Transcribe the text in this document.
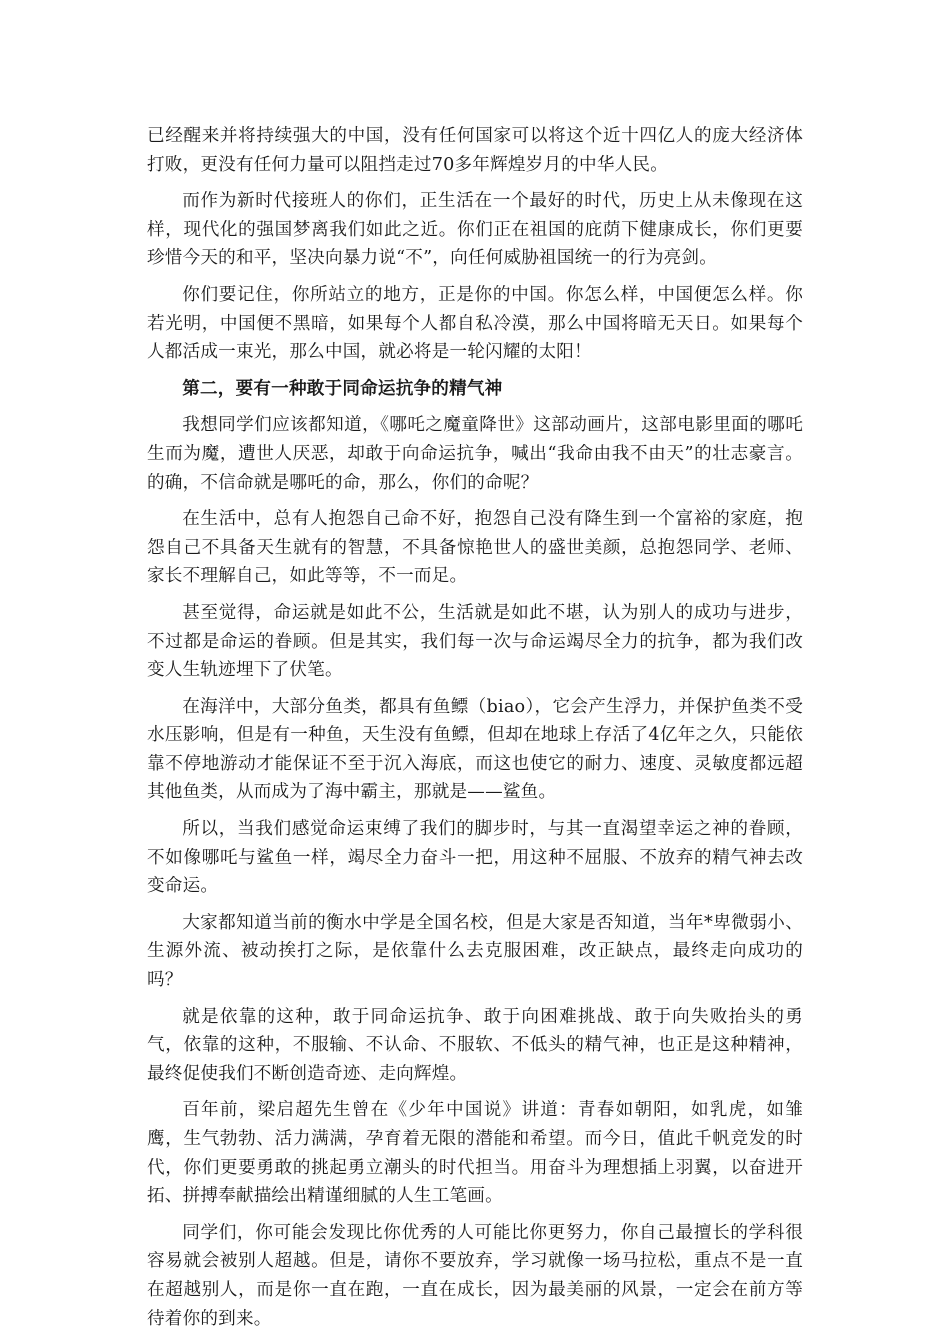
已经醒来并将持续强大的中国，没有任何国家可以将这个近十四亿人的庞大经济体打败，更没有任何力量可以阻挡走过70多年辉煌岁月的中华人民。

而作为新时代接班人的你们，正生活在一个最好的时代，历史上从未像现在这样，现代化的强国梦离我们如此之近。你们正在祖国的庇荫下健康成长，你们更要珍惜今天的和平，坚决向暴力说“不”，向任何威胁祖国统一的行为亮剑。

你们要记住，你所站立的地方，正是你的中国。你怎么样，中国便怎么样。你若光明，中国便不黑暗，如果每个人都自私冷漠，那么中国将暗无天日。如果每个人都活成一束光，那么中国，就必将是一轮闪耀的太阳！

第二，要有一种敢于同命运抗争的精气神

我想同学们应该都知道，《哪吒之魔童降世》这部动画片，这部电影里面的哪吒生而为魔，遭世人厌恶，却敢于向命运抗争，喊出“我命由我不由天”的壮志豪言。的确，不信命就是哪吒的命，那么，你们的命呢？

在生活中，总有人抱怨自己命不好，抱怨自己没有降生到一个富裕的家庭，抱怨自己不具备天生就有的智慧，不具备惊艳世人的盛世美颜，总抱怨同学、老师、家长不理解自己，如此等等，不一而足。

甚至觉得，命运就是如此不公，生活就是如此不堪，认为别人的成功与进步，不过都是命运的眷顾。但是其实，我们每一次与命运竭尽全力的抗争，都为我们改变人生轨迹埋下了伏笔。

在海洋中，大部分鱼类，都具有鱼鳔（biao），它会产生浮力，并保护鱼类不受水压影响，但是有一种鱼，天生没有鱼鳔，但却在地球上存活了4亿年之久，只能依靠不停地游动才能保证不至于沉入海底，而这也使它的耐力、速度、灵敏度都远超其他鱼类，从而成为了海中霸主，那就是——鲨鱼。

所以，当我们感觉命运束缚了我们的脚步时，与其一直渴望幸运之神的眷顾，不如像哪吒与鲨鱼一样，竭尽全力奋斗一把，用这种不屈服、不放弃的精气神去改变命运。

大家都知道当前的衡水中学是全国名校，但是大家是否知道，当年*卑微弱小、生源外流、被动挨打之际，是依靠什么去克服困难，改正缺点，最终走向成功的吗？

就是依靠的这种，敢于同命运抗争、敢于向困难挑战、敢于向失败抬头的勇气，依靠的这种，不服输、不认命、不服软、不低头的精气神，也正是这种精神，最终促使我们不断创造奇迹、走向辉煌。

百年前，梁启超先生曾在《少年中国说》讲道：青春如朝阳，如乳虎，如雏鹰，生气勃勃、活力满满，孕育着无限的潜能和希望。而今日，值此千帆竞发的时代，你们更要勇敢的挑起勇立潮头的时代担当。用奋斗为理想插上羽翼，以奋进开拓、拼搏奉献描绘出精谨细腻的人生工笔画。

同学们，你可能会发现比你优秀的人可能比你更努力，你自己最擅长的学科很容易就会被别人超越。但是，请你不要放弃，学习就像一场马拉松，重点不是一直在超越别人，而是你一直在跑，一直在成长，因为最美丽的风景，一定会在前方等待着你的到来。
